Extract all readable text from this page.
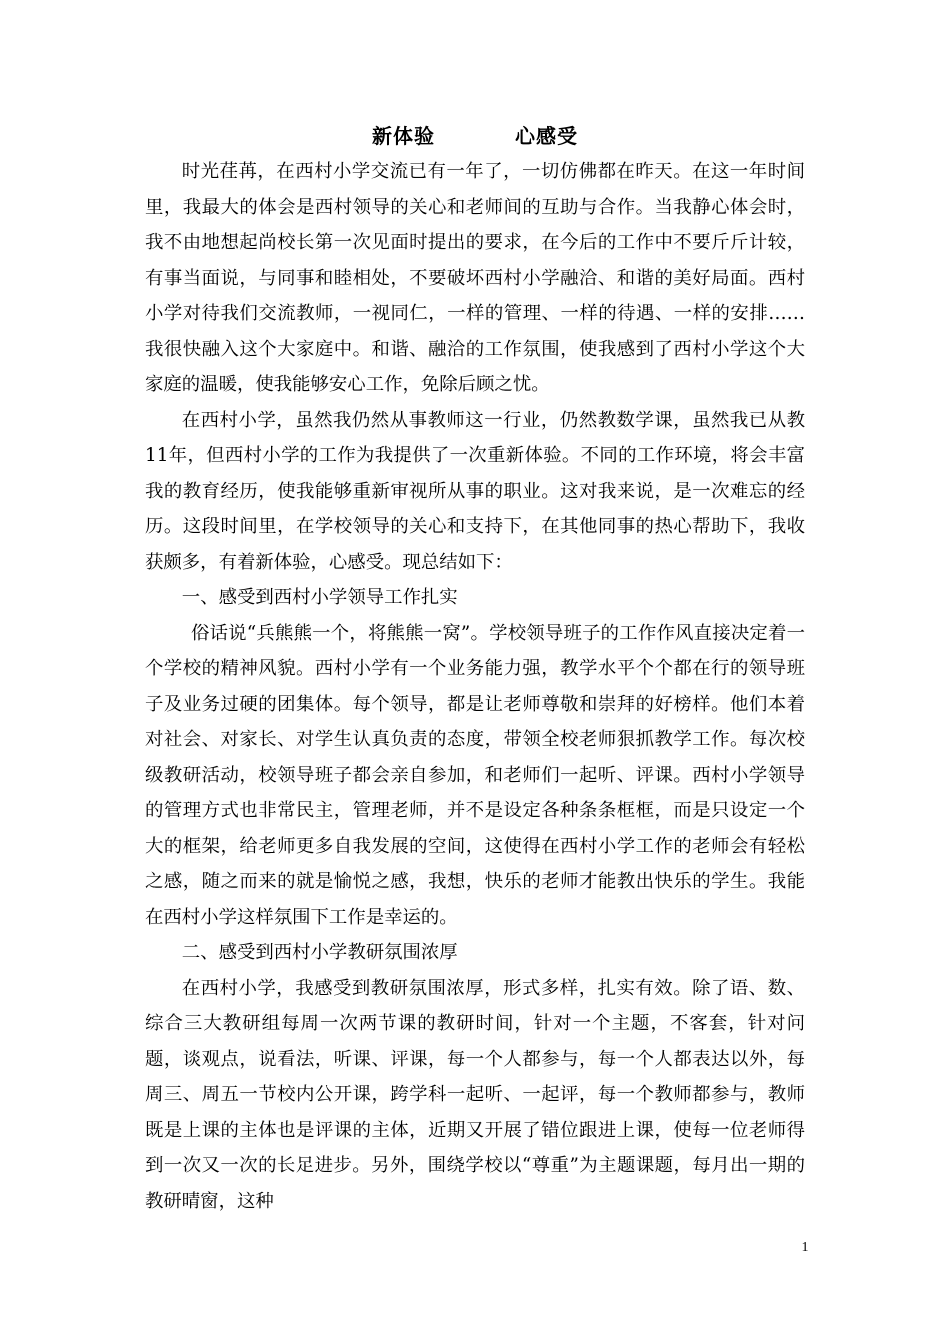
新体验	心感受

时光荏苒，在西村小学交流已有一年了，一切仿佛都在昨天。在这一年时间里，我最大的体会是西村领导的关心和老师间的互助与合作。当我静心体会时，我不由地想起尚校长第一次见面时提出的要求，在今后的工作中不要斤斤计较，有事当面说，与同事和睦相处，不要破坏西村小学融洽、和谐的美好局面。西村小学对待我们交流教师，一视同仁，一样的管理、一样的待遇、一样的安排……我很快融入这个大家庭中。和谐、融洽的工作氛围，使我感到了西村小学这个大家庭的温暖，使我能够安心工作，免除后顾之忧。

在西村小学，虽然我仍然从事教师这一行业，仍然教数学课，虽然我已从教11年，但西村小学的工作为我提供了一次重新体验。不同的工作环境，将会丰富我的教育经历，使我能够重新审视所从事的职业。这对我来说，是一次难忘的经历。这段时间里，在学校领导的关心和支持下，在其他同事的热心帮助下，我收获颇多，有着新体验，心感受。现总结如下：

一、感受到西村小学领导工作扎实

俗话说“兵熊熊一个，将熊熊一窝”。学校领导班子的工作作风直接决定着一个学校的精神风貌。西村小学有一个业务能力强，教学水平个个都在行的领导班子及业务过硬的团集体。每个领导，都是让老师尊敬和崇拜的好榜样。他们本着对社会、对家长、对学生认真负责的态度，带领全校老师狠抓教学工作。每次校级教研活动，校领导班子都会亲自参加，和老师们一起听、评课。西村小学领导的管理方式也非常民主，管理老师，并不是设定各种条条框框，而是只设定一个大的框架，给老师更多自我发展的空间，这使得在西村小学工作的老师会有轻松之感，随之而来的就是愉悦之感，我想，快乐的老师才能教出快乐的学生。我能在西村小学这样氛围下工作是幸运的。

二、感受到西村小学教研氛围浓厚

在西村小学，我感受到教研氛围浓厚，形式多样，扎实有效。除了语、数、综合三大教研组每周一次两节课的教研时间，针对一个主题，不客套，针对问题，谈观点，说看法，听课、评课，每一个人都参与，每一个人都表达以外，每周三、周五一节校内公开课，跨学科一起听、一起评，每一个教师都参与，教师既是上课的主体也是评课的主体，近期又开展了错位跟进上课，使每一位老师得到一次又一次的长足进步。另外，围绕学校以“尊重”为主题课题，每月出一期的教研晴窗，这种

1
